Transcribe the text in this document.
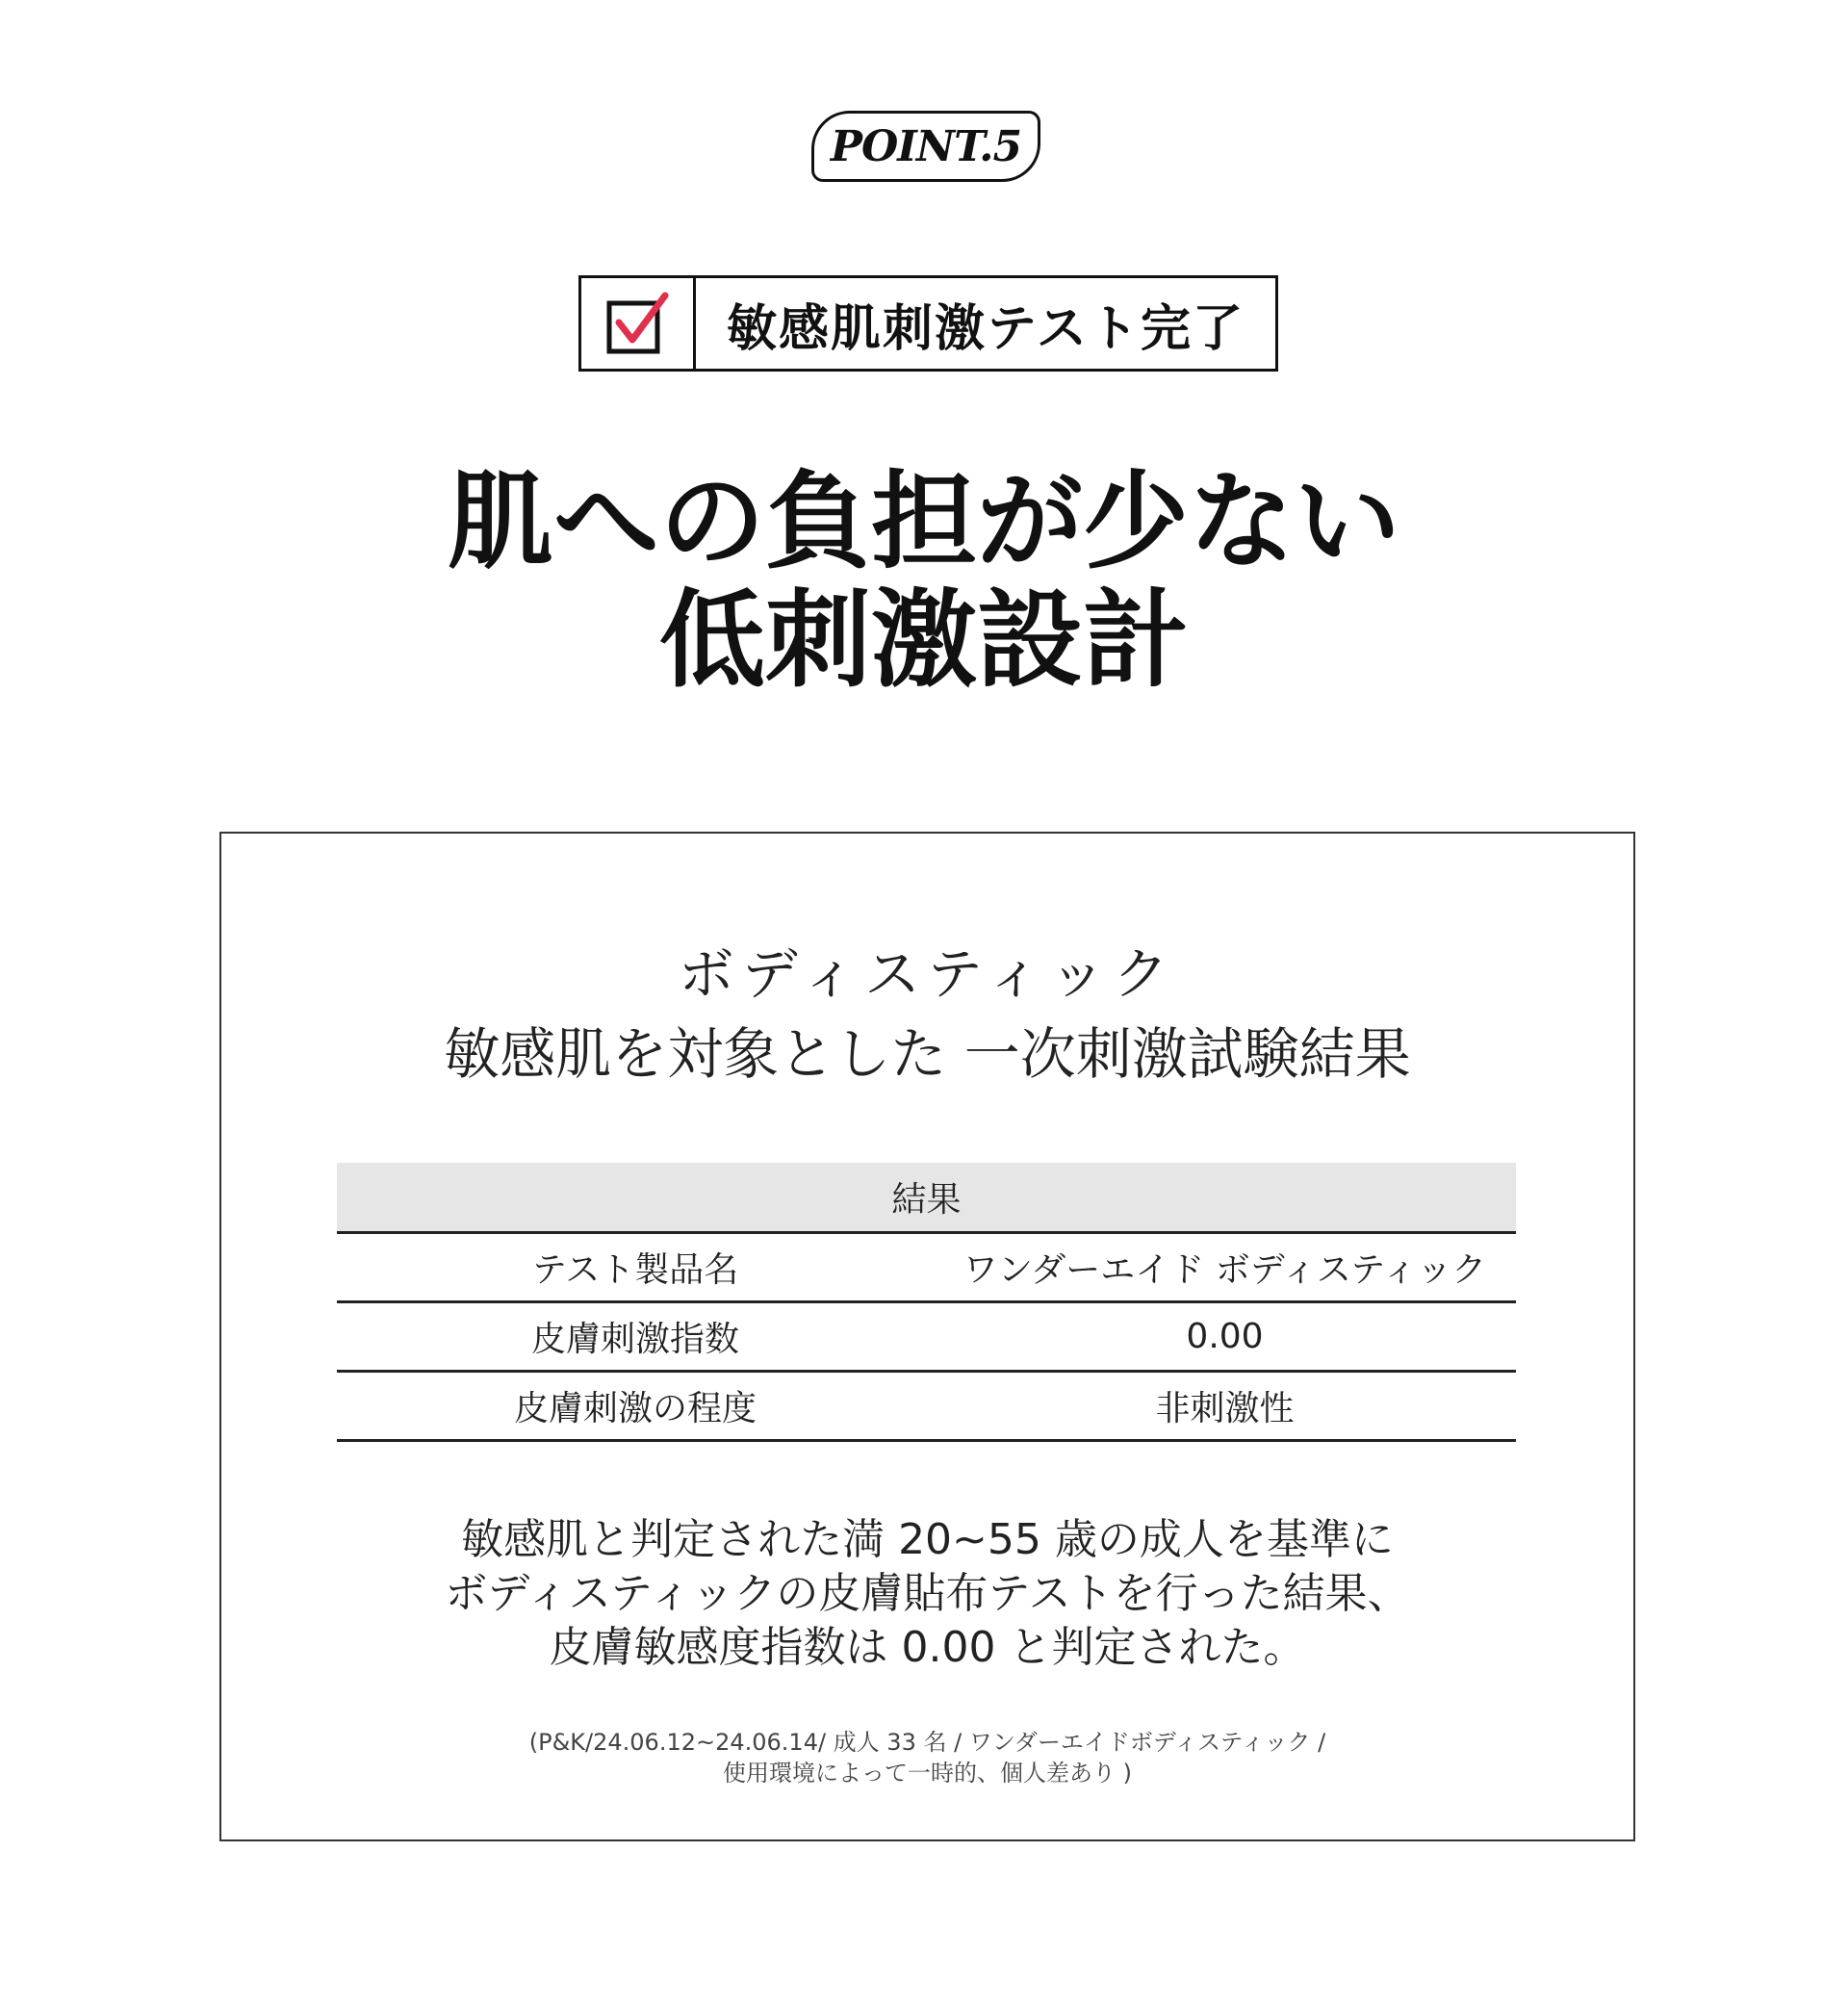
POINT.5
敏感肌刺激テスト完了
肌への負担が少ない
低刺激設計
ボディスティック
敏感肌を対象とした 一次刺激試験結果
結果
テスト製品名	ワンダーエイド ボディスティック
皮膚刺激指数	0.00
皮膚刺激の程度	非刺激性
敏感肌と判定された満 20~55 歳の成人を基準に
ボディスティックの皮膚貼布テストを行った結果、
皮膚敏感度指数は 0.00 と判定された。
(P&K/24.06.12~24.06.14/ 成人 33 名 / ワンダーエイドボディスティック /
使用環境によって一時的、個人差あり )
